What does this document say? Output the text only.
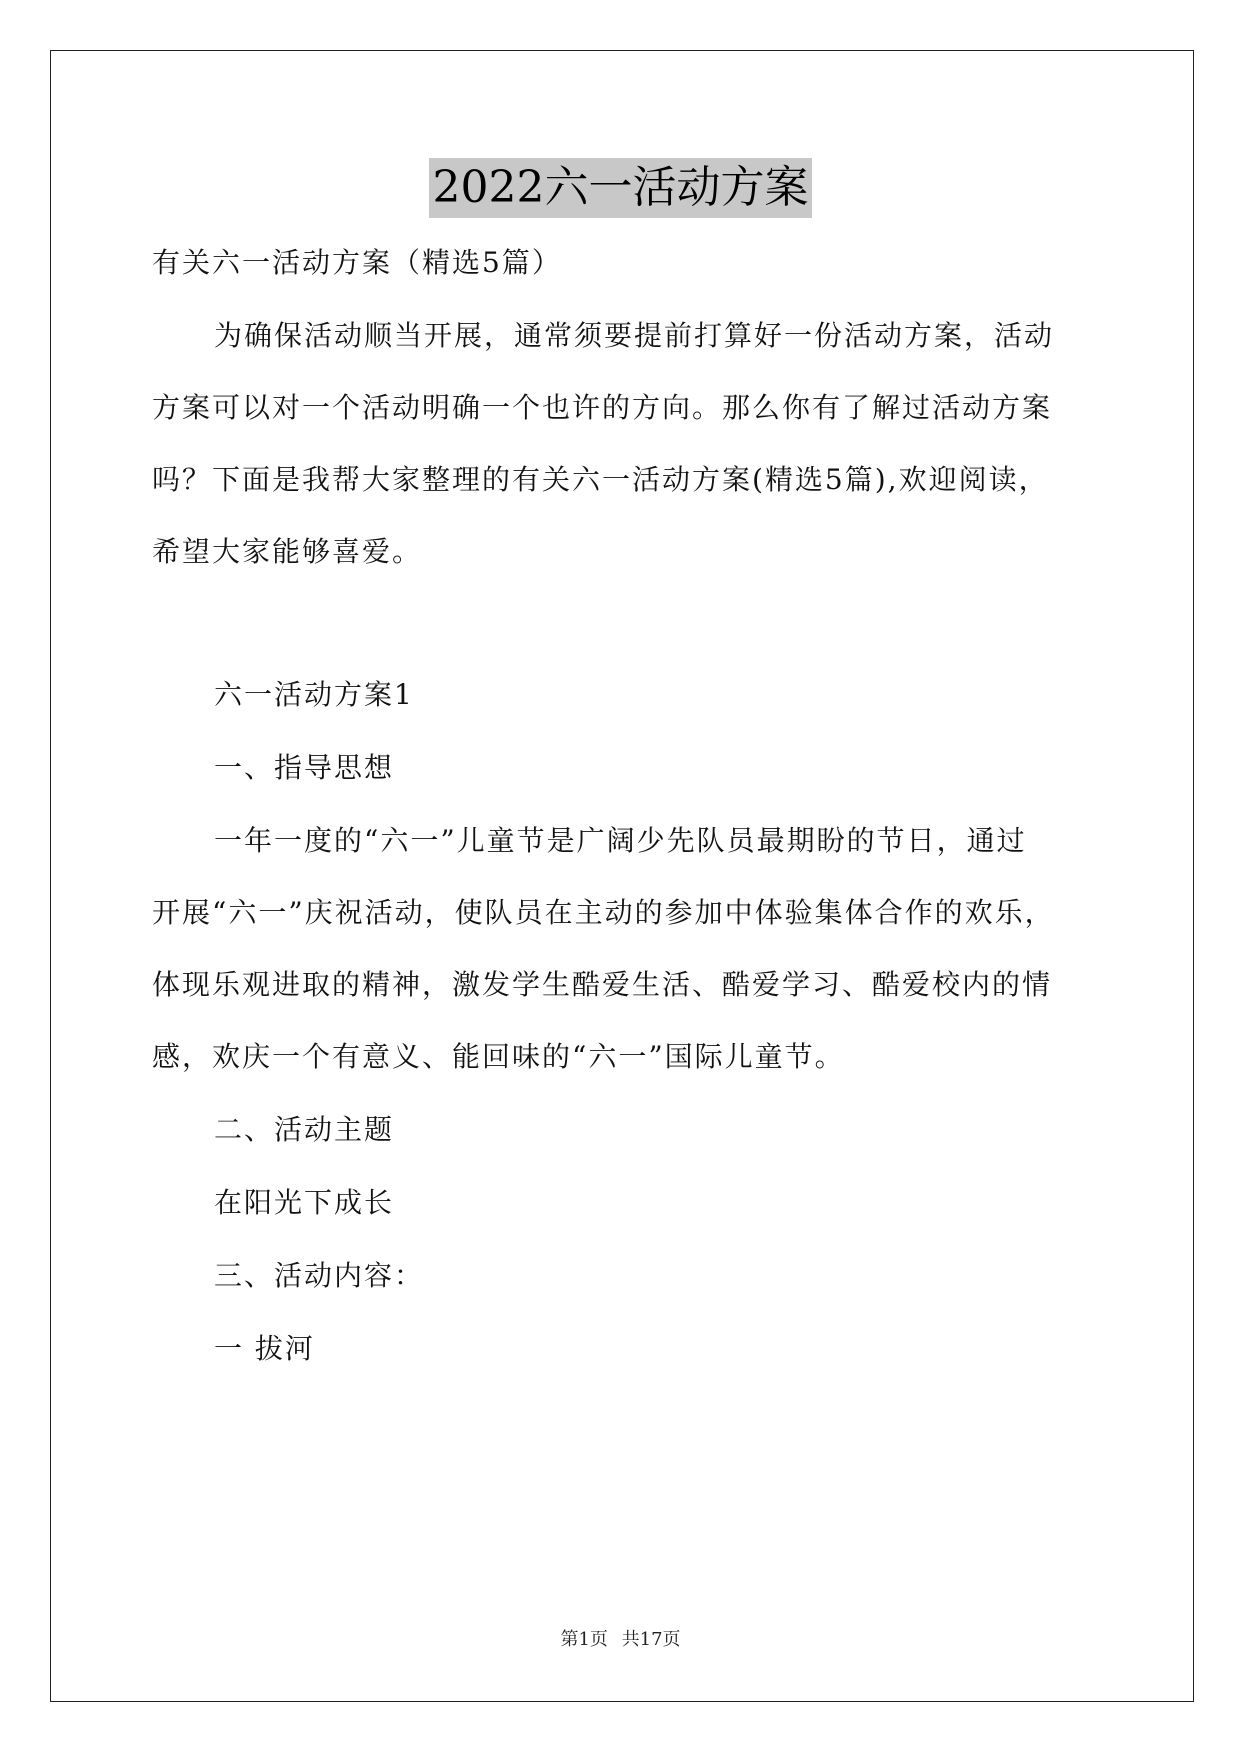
2022六一活动方案
有关六一活动方案（精选5篇）
为确保活动顺当开展，通常须要提前打算好一份活动方案，活动
方案可以对一个活动明确一个也许的方向。那么你有了解过活动方案
吗？下面是我帮大家整理的有关六一活动方案(精选5篇),欢迎阅读，
希望大家能够喜爱。
六一活动方案1
一、指导思想
一年一度的“六一”儿童节是广阔少先队员最期盼的节日，通过
开展“六一”庆祝活动，使队员在主动的参加中体验集体合作的欢乐，
体现乐观进取的精神，激发学生酷爱生活、酷爱学习、酷爱校内的情
感，欢庆一个有意义、能回味的“六一”国际儿童节。
二、活动主题
在阳光下成长
三、活动内容：
一 拔河
第1页 共17页
